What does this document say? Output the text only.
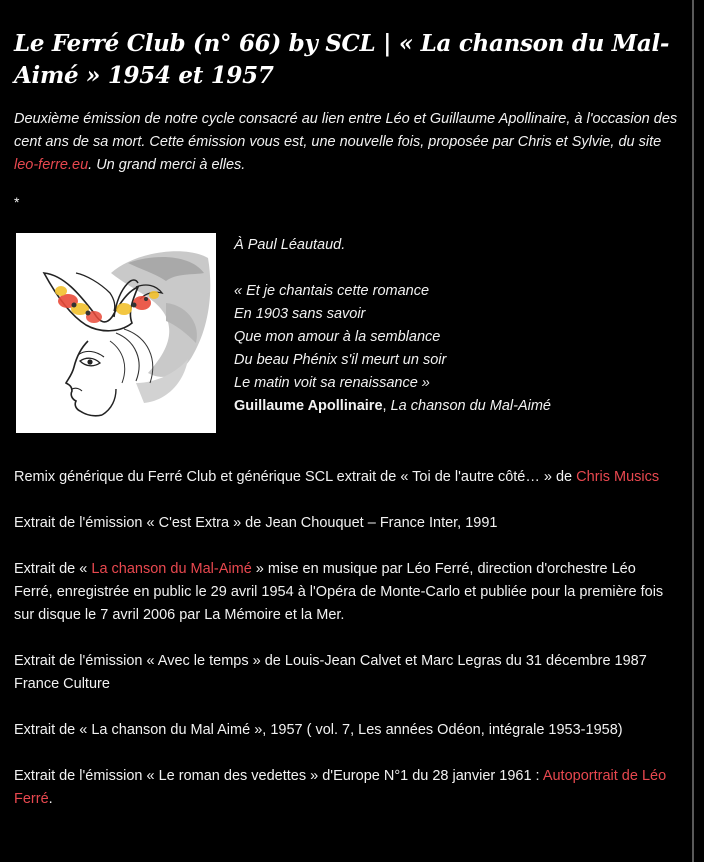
Le Ferré Club (n° 66) by SCL | « La chanson du Mal-Aimé » 1954 et 1957

Deuxième émission de notre cycle consacré au lien entre Léo et Guillaume Apollinaire, à l'occasion des cent ans de sa mort. Cette émission vous est, une nouvelle fois, proposée par Chris et Sylvie, du site leo-ferre.eu. Un grand merci à elles.

*

À Paul Léautaud.
« Et je chantais cette romance
En 1903 sans savoir
Que mon amour à la semblance
Du beau Phénix s'il meurt un soir
Le matin voit sa renaissance »
Guillaume Apollinaire, La chanson du Mal-Aimé

Remix générique du Ferré Club et générique SCL extrait de « Toi de l'autre côté… » de Chris Musics

Extrait de l'émission « C'est Extra » de Jean Chouquet – France Inter, 1991

Extrait de « La chanson du Mal-Aimé » mise en musique par Léo Ferré, direction d'orchestre Léo Ferré, enregistrée en public le 29 avril 1954 à l'Opéra de Monte-Carlo et publiée pour la première fois sur disque le 7 avril 2006 par La Mémoire et la Mer.

Extrait de l'émission « Avec le temps » de Louis-Jean Calvet et Marc Legras du 31 décembre 1987 France Culture

Extrait de « La chanson du Mal Aimé », 1957 ( vol. 7, Les années Odéon, intégrale 1953-1958)

Extrait de l'émission « Le roman des vedettes » d'Europe N°1 du 28 janvier 1961 : Autoportrait de Léo Ferré.
